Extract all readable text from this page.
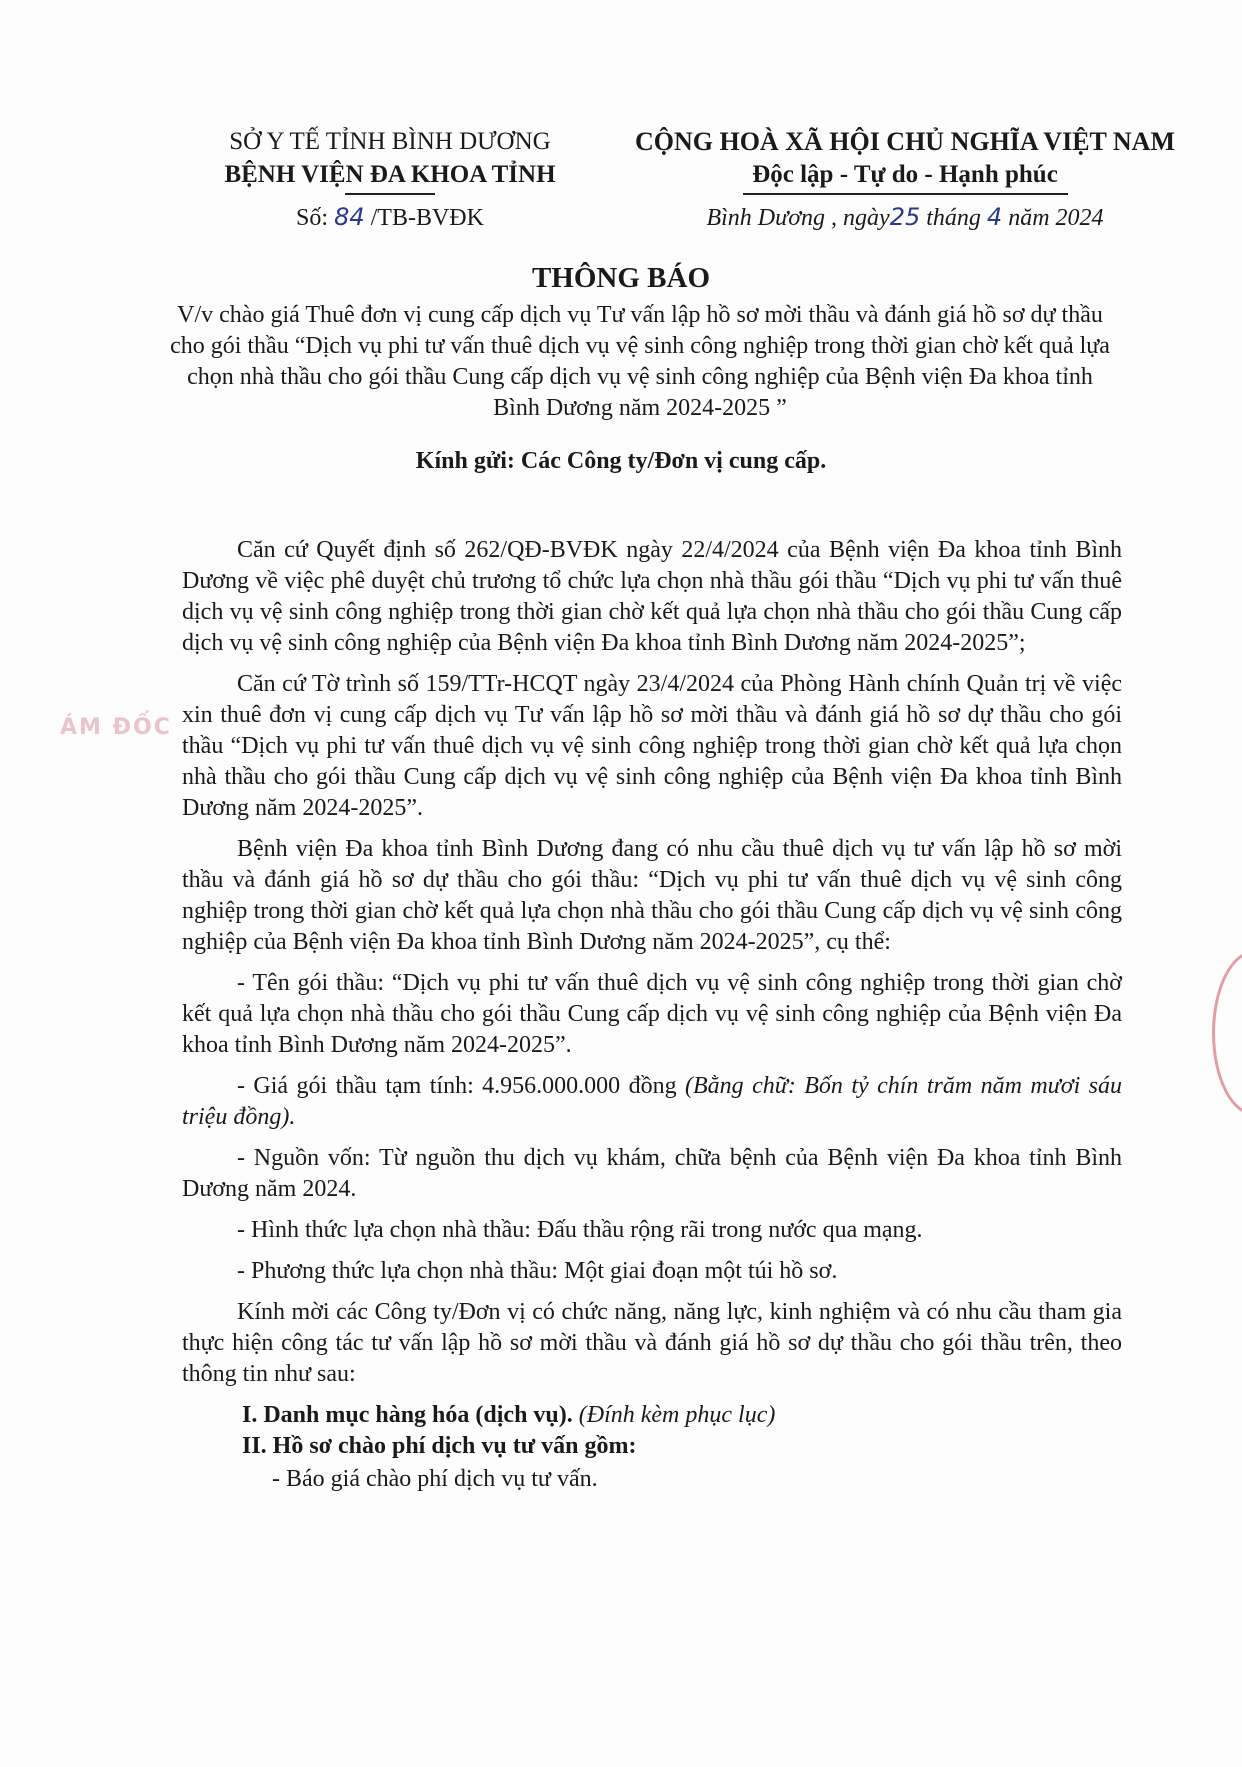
SỞ Y TẾ TỈNH BÌNH DƯƠNG
BỆNH VIỆN ĐA KHOA TỈNH
Số: 84 /TB-BVĐK
CỘNG HOÀ XÃ HỘI CHỦ NGHĨA VIỆT NAM
Độc lập - Tự do - Hạnh phúc
Bình Dương , ngày25 tháng 4 năm 2024
THÔNG BÁO
V/v chào giá Thuê đơn vị cung cấp dịch vụ Tư vấn lập hồ sơ mời thầu và đánh giá hồ sơ dự thầu cho gói thầu “Dịch vụ phi tư vấn thuê dịch vụ vệ sinh công nghiệp trong thời gian chờ kết quả lựa chọn nhà thầu cho gói thầu Cung cấp dịch vụ vệ sinh công nghiệp của Bệnh viện Đa khoa tỉnh Bình Dương năm 2024-2025 ”
Kính gửi: Các Công ty/Đơn vị cung cấp.

Căn cứ Quyết định số 262/QĐ-BVĐK ngày 22/4/2024 của Bệnh viện Đa khoa tỉnh Bình Dương về việc phê duyệt chủ trương tổ chức lựa chọn nhà thầu gói thầu “Dịch vụ phi tư vấn thuê dịch vụ vệ sinh công nghiệp trong thời gian chờ kết quả lựa chọn nhà thầu cho gói thầu Cung cấp dịch vụ vệ sinh công nghiệp của Bệnh viện Đa khoa tỉnh Bình Dương năm 2024-2025”;

Căn cứ Tờ trình số 159/TTr-HCQT ngày 23/4/2024 của Phòng Hành chính Quản trị về việc xin thuê đơn vị cung cấp dịch vụ Tư vấn lập hồ sơ mời thầu và đánh giá hồ sơ dự thầu cho gói thầu “Dịch vụ phi tư vấn thuê dịch vụ vệ sinh công nghiệp trong thời gian chờ kết quả lựa chọn nhà thầu cho gói thầu Cung cấp dịch vụ vệ sinh công nghiệp của Bệnh viện Đa khoa tỉnh Bình Dương năm 2024-2025”.

Bệnh viện Đa khoa tỉnh Bình Dương đang có nhu cầu thuê dịch vụ tư vấn lập hồ sơ mời thầu và đánh giá hồ sơ dự thầu cho gói thầu: “Dịch vụ phi tư vấn thuê dịch vụ vệ sinh công nghiệp trong thời gian chờ kết quả lựa chọn nhà thầu cho gói thầu Cung cấp dịch vụ vệ sinh công nghiệp của Bệnh viện Đa khoa tỉnh Bình Dương năm 2024-2025”, cụ thể:

- Tên gói thầu: “Dịch vụ phi tư vấn thuê dịch vụ vệ sinh công nghiệp trong thời gian chờ kết quả lựa chọn nhà thầu cho gói thầu Cung cấp dịch vụ vệ sinh công nghiệp của Bệnh viện Đa khoa tỉnh Bình Dương năm 2024-2025”.

- Giá gói thầu tạm tính: 4.956.000.000 đồng (Bằng chữ: Bốn tỷ chín trăm năm mươi sáu triệu đồng).

- Nguồn vốn: Từ nguồn thu dịch vụ khám, chữa bệnh của Bệnh viện Đa khoa tỉnh Bình Dương năm 2024.

- Hình thức lựa chọn nhà thầu: Đấu thầu rộng rãi trong nước qua mạng.

- Phương thức lựa chọn nhà thầu: Một giai đoạn một túi hồ sơ.

Kính mời các Công ty/Đơn vị có chức năng, năng lực, kinh nghiệm và có nhu cầu tham gia thực hiện công tác tư vấn lập hồ sơ mời thầu và đánh giá hồ sơ dự thầu cho gói thầu trên, theo thông tin như sau:

I. Danh mục hàng hóa (dịch vụ). (Đính kèm phục lục)
II. Hồ sơ chào phí dịch vụ tư vấn gồm:
- Báo giá chào phí dịch vụ tư vấn.
ÁM ĐỐC
